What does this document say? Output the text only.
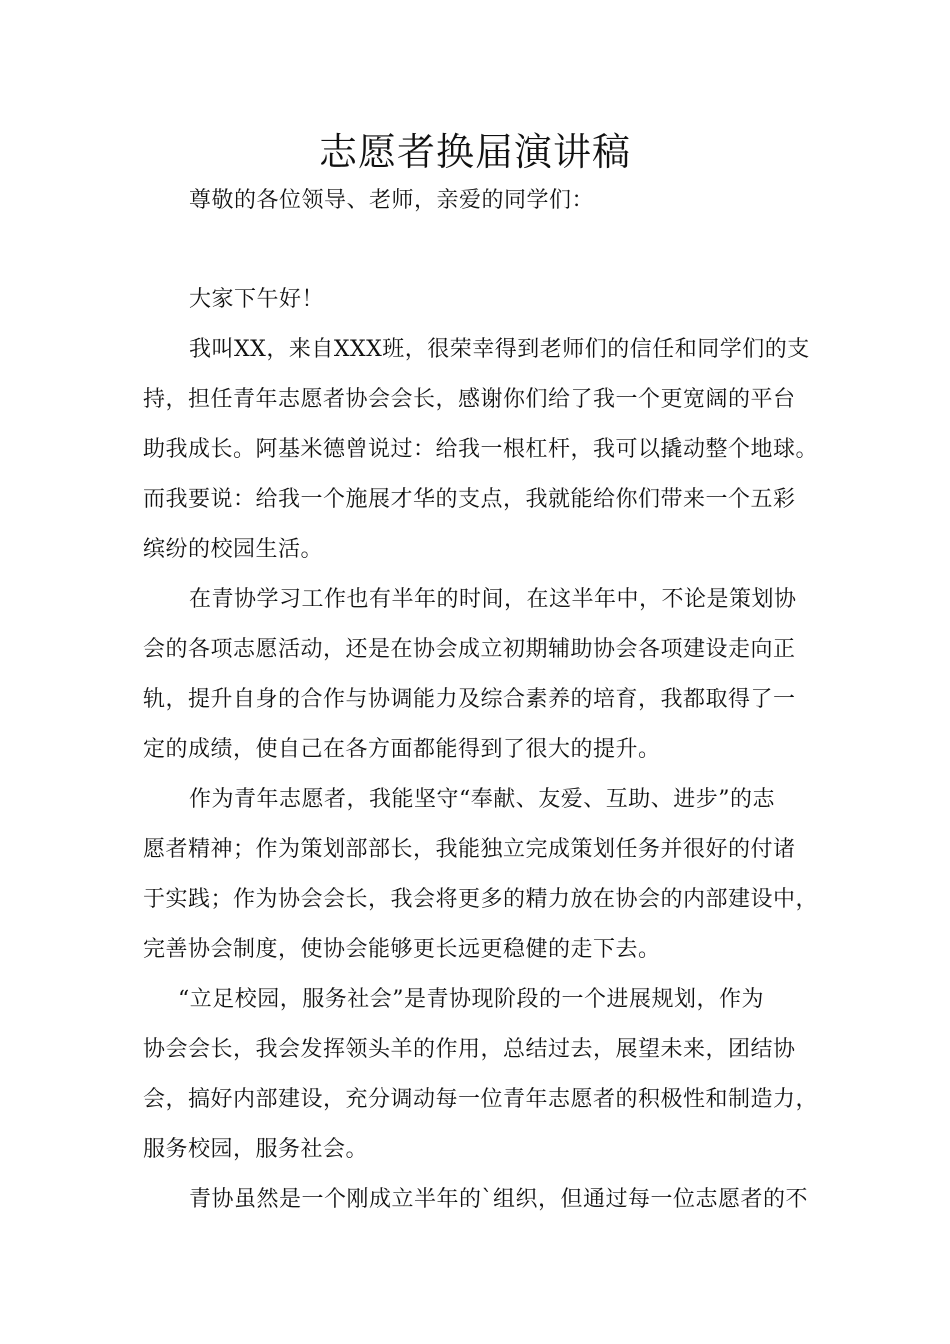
志愿者换届演讲稿
尊敬的各位领导、老师，亲爱的同学们：
大家下午好！
我叫XX，来自XXX班，很荣幸得到老师们的信任和同学们的支
持，担任青年志愿者协会会长，感谢你们给了我一个更宽阔的平台
助我成长。阿基米德曾说过：给我一根杠杆，我可以撬动整个地球。
而我要说：给我一个施展才华的支点，我就能给你们带来一个五彩
缤纷的校园生活。
在青协学习工作也有半年的时间，在这半年中，不论是策划协
会的各项志愿活动，还是在协会成立初期辅助协会各项建设走向正
轨，提升自身的合作与协调能力及综合素养的培育，我都取得了一
定的成绩，使自己在各方面都能得到了很大的提升。
作为青年志愿者，我能坚守“奉献、友爱、互助、进步”的志
愿者精神；作为策划部部长，我能独立完成策划任务并很好的付诸
于实践；作为协会会长，我会将更多的精力放在协会的内部建设中，
完善协会制度，使协会能够更长远更稳健的走下去。
“立足校园，服务社会”是青协现阶段的一个进展规划，作为
协会会长，我会发挥领头羊的作用，总结过去，展望未来，团结协
会，搞好内部建设，充分调动每一位青年志愿者的积极性和制造力，
服务校园，服务社会。
青协虽然是一个刚成立半年的`组织，但通过每一位志愿者的不
